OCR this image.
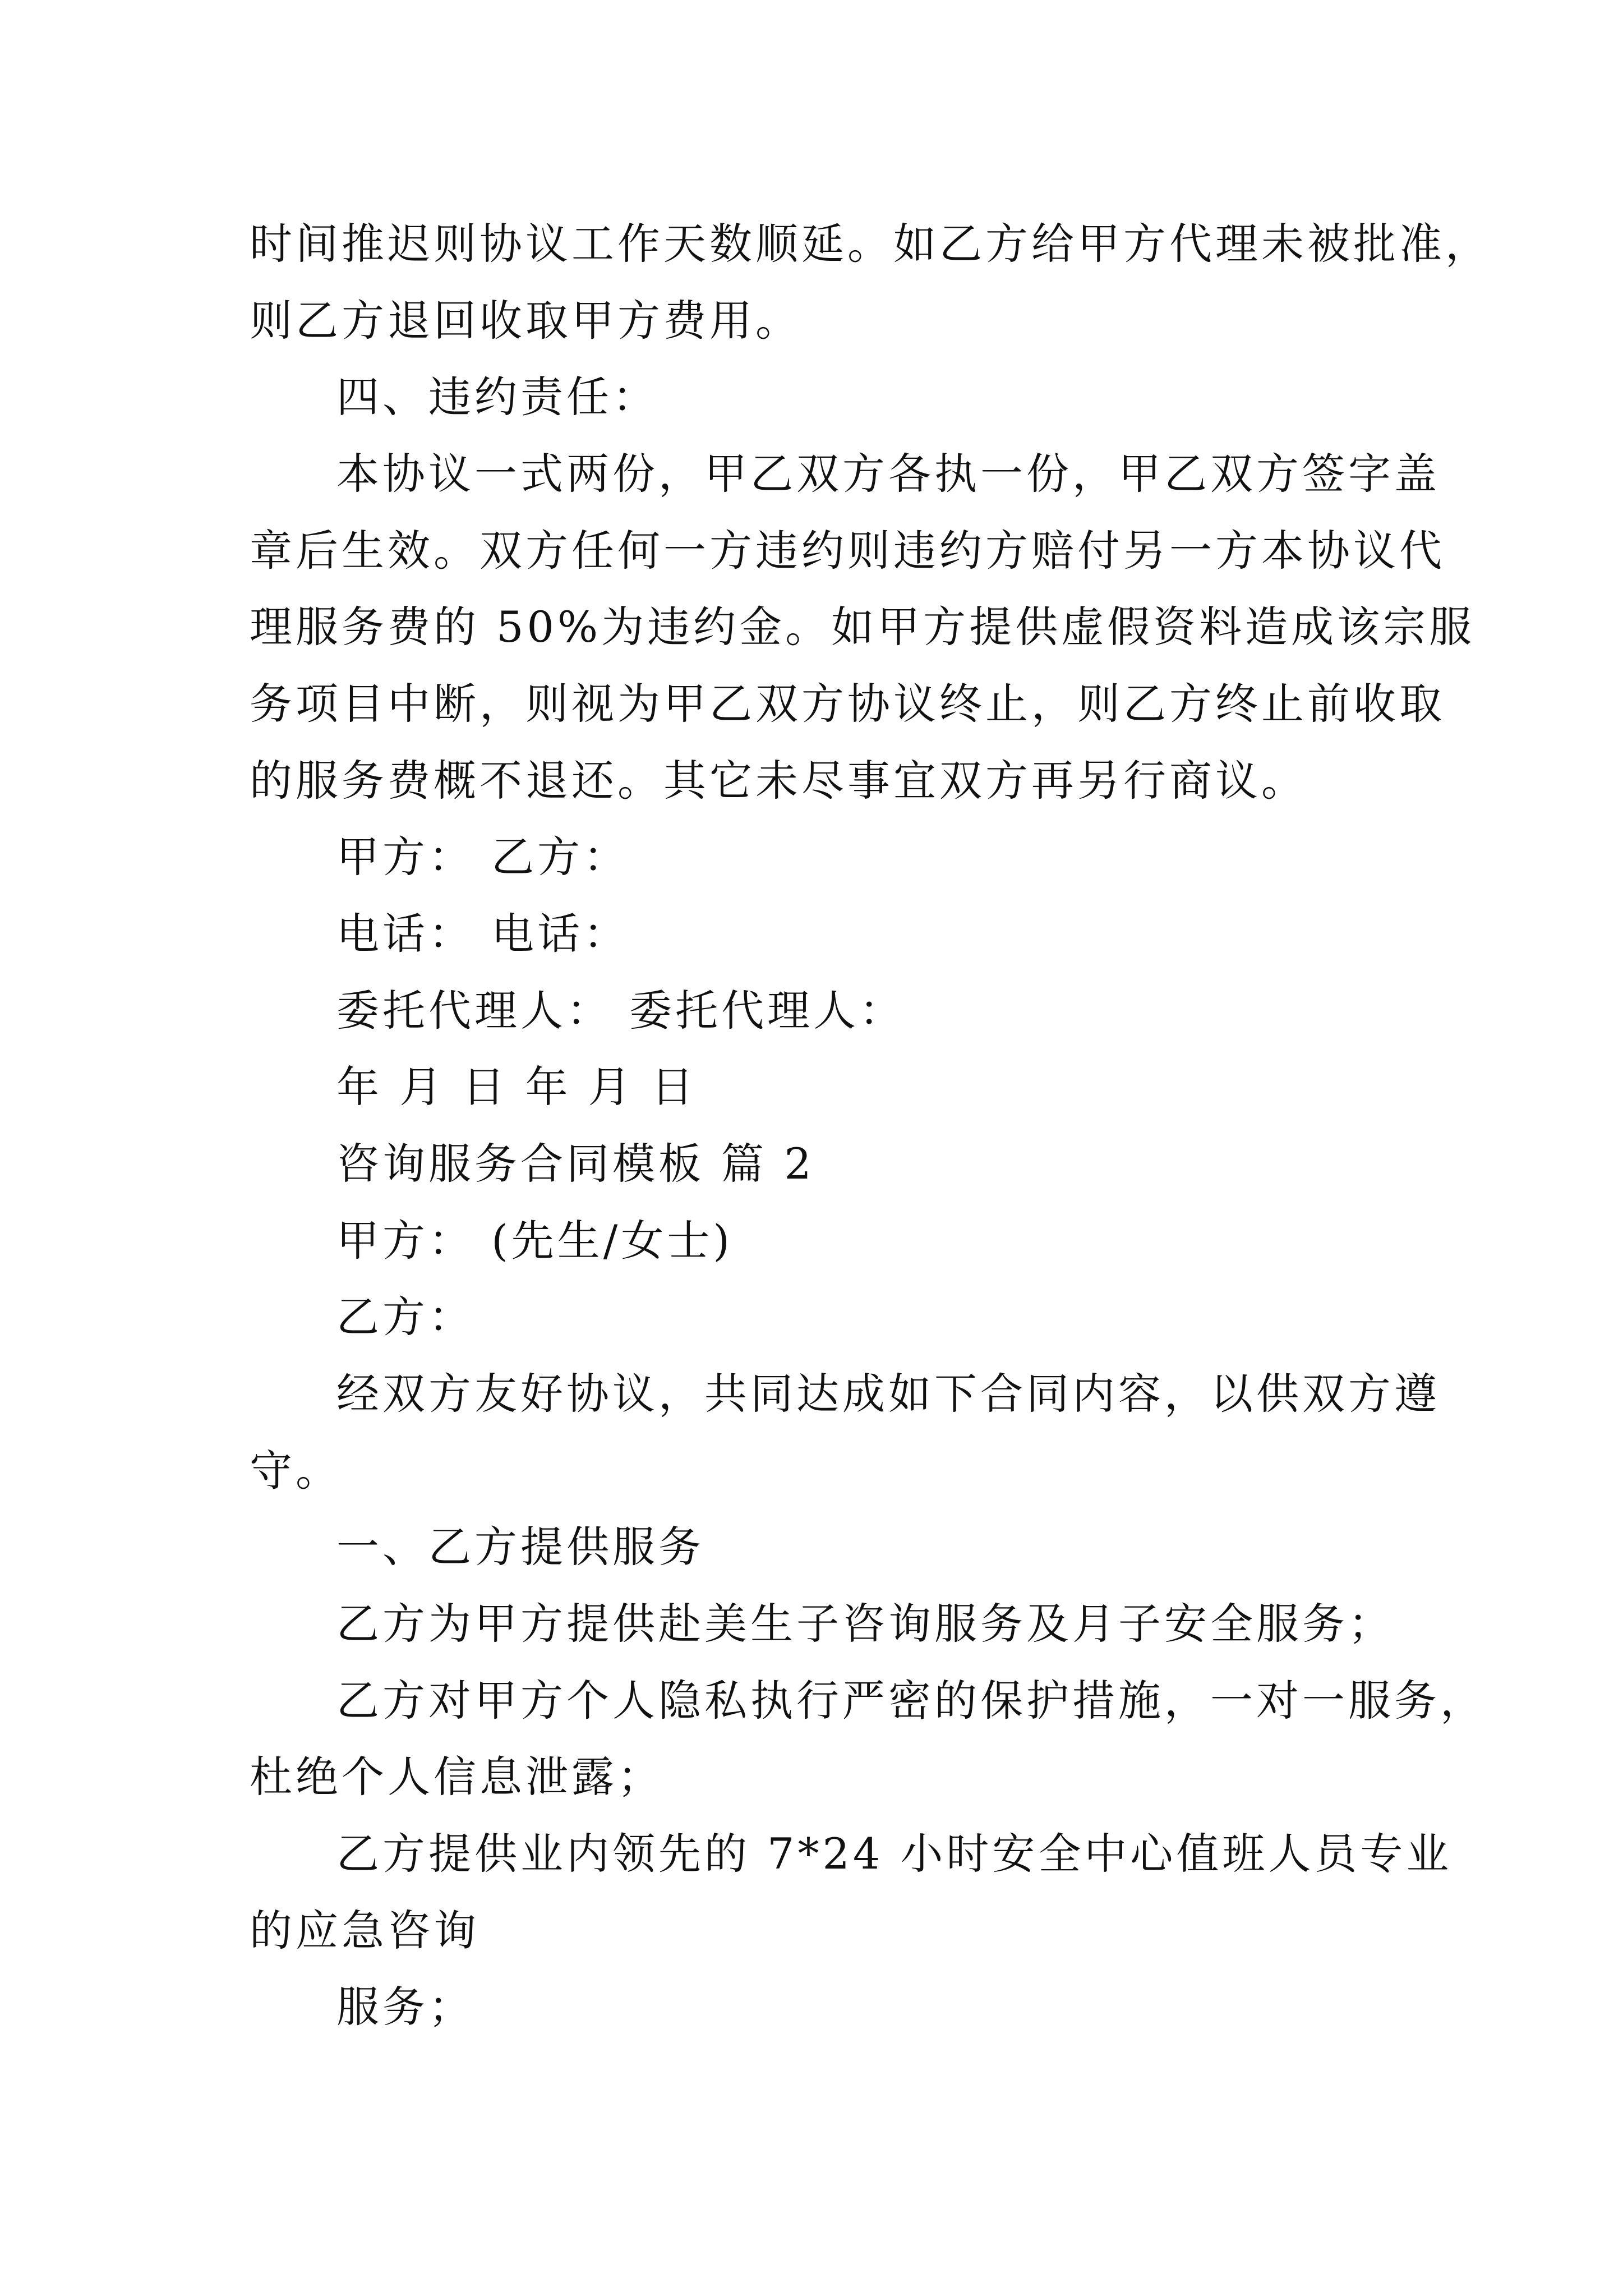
时间推迟则协议工作天数顺延。如乙方给甲方代理未被批准，
则乙方退回收取甲方费用。
四、违约责任：
本协议一式两份，甲乙双方各执一份，甲乙双方签字盖
章后生效。双方任何一方违约则违约方赔付另一方本协议代
理服务费的 50%为违约金。如甲方提供虚假资料造成该宗服
务项目中断，则视为甲乙双方协议终止，则乙方终止前收取
的服务费概不退还。其它未尽事宜双方再另行商议。
甲方： 乙方：
电话： 电话：
委托代理人： 委托代理人：
年 月 日 年 月 日
咨询服务合同模板 篇 2
甲方： (先生/女士)
乙方：
经双方友好协议，共同达成如下合同内容，以供双方遵
守。
一、乙方提供服务
乙方为甲方提供赴美生子咨询服务及月子安全服务；
乙方对甲方个人隐私执行严密的保护措施，一对一服务，
杜绝个人信息泄露；
乙方提供业内领先的 7*24 小时安全中心值班人员专业
的应急咨询
服务；
